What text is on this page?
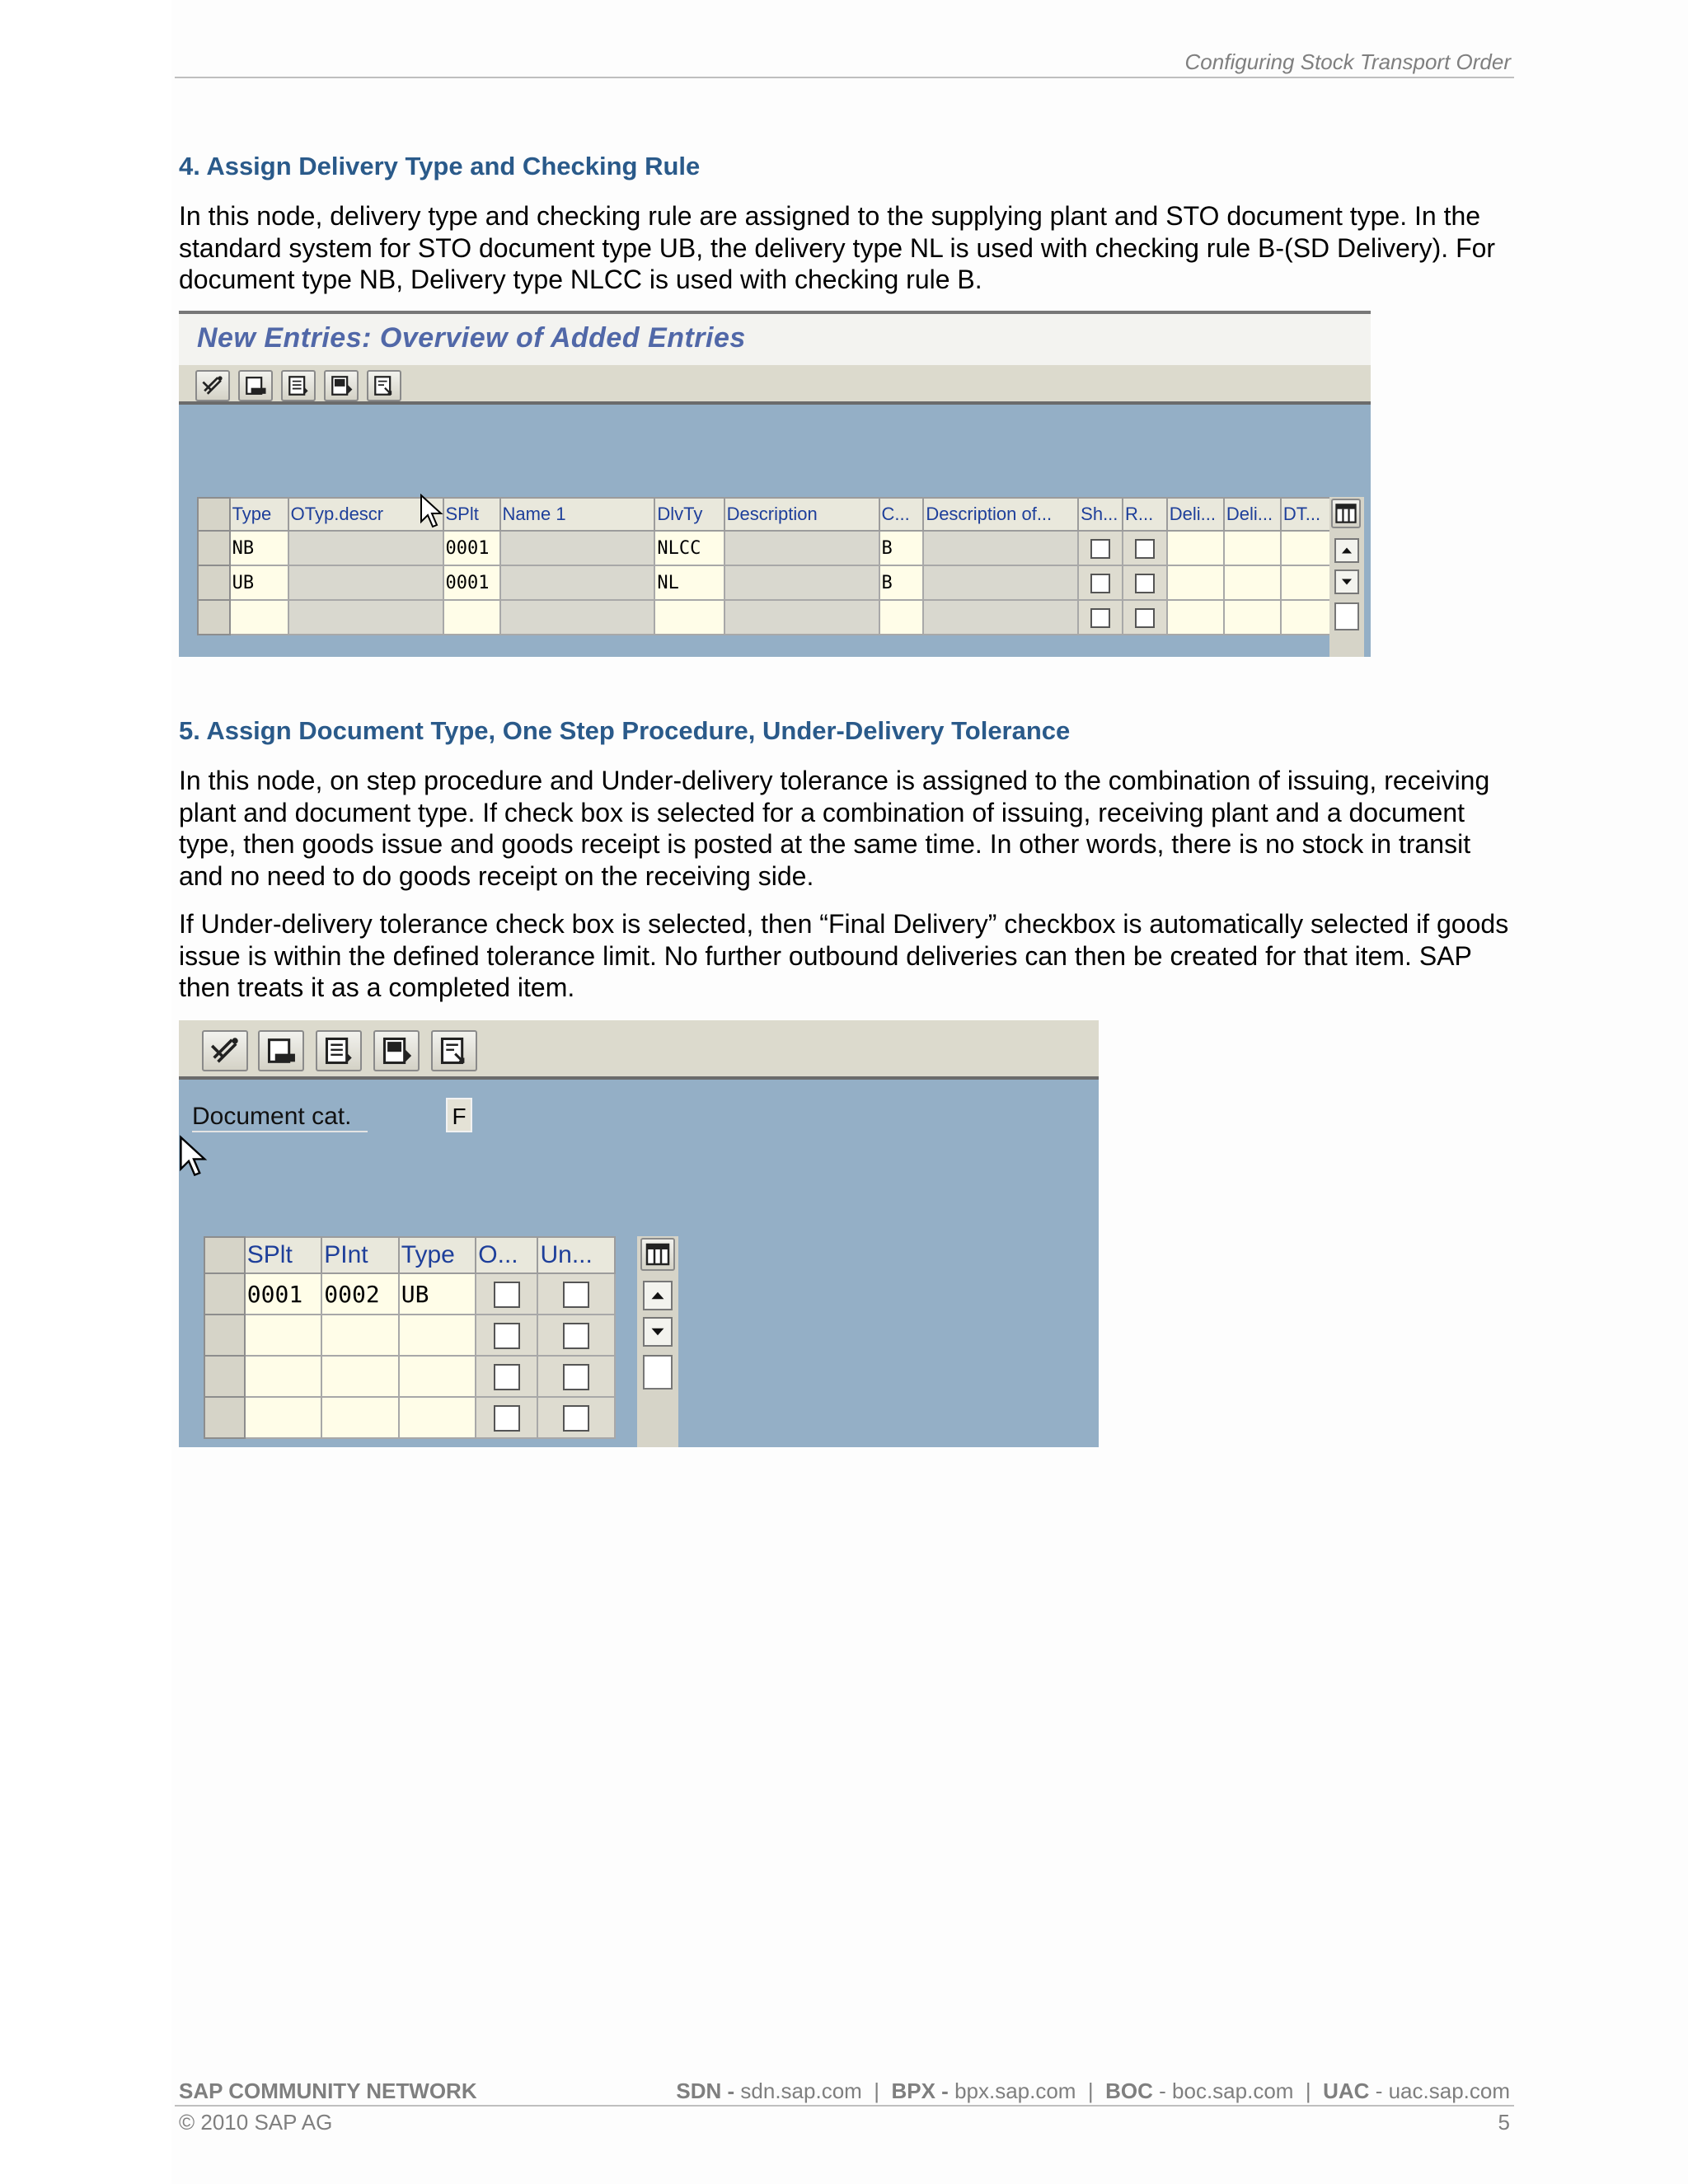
Configuring Stock Transport Order
4. Assign Delivery Type and Checking Rule

In this node, delivery type and checking rule are assigned to the supplying plant and STO document type. In the standard system for STO document type UB, the delivery type NL is used with checking rule B-(SD Delivery). For document type NB, Delivery type NLCC is used with checking rule B.

New Entries: Overview of Added Entries
	Type	OTyp.descr	SPlt	Name 1	DlvTy	Description	C...	Description of...	Sh...	R...	Deli...	Deli...	DT...
	NB		0001		NLCC		B						
	UB		0001		NL		B						

5. Assign Document Type, One Step Procedure, Under-Delivery Tolerance

In this node, on step procedure and Under-delivery tolerance is assigned to the combination of issuing, receiving plant and document type. If check box is selected for a combination of issuing, receiving plant and a document type, then goods issue and goods receipt is posted at the same time. In other words, there is no stock in transit and no need to do goods receipt on the receiving side.

If Under-delivery tolerance check box is selected, then “Final Delivery” checkbox is automatically selected if goods issue is within the defined tolerance limit. No further outbound deliveries can then be created for that item. SAP then treats it as a completed item.

Document cat.	F
	SPlt	PInt	Type	O...	Un...
	0001	0002	UB		

SAP COMMUNITY NETWORK	SDN - sdn.sap.com | BPX - bpx.sap.com | BOC - boc.sap.com | UAC - uac.sap.com
© 2010 SAP AG	5
